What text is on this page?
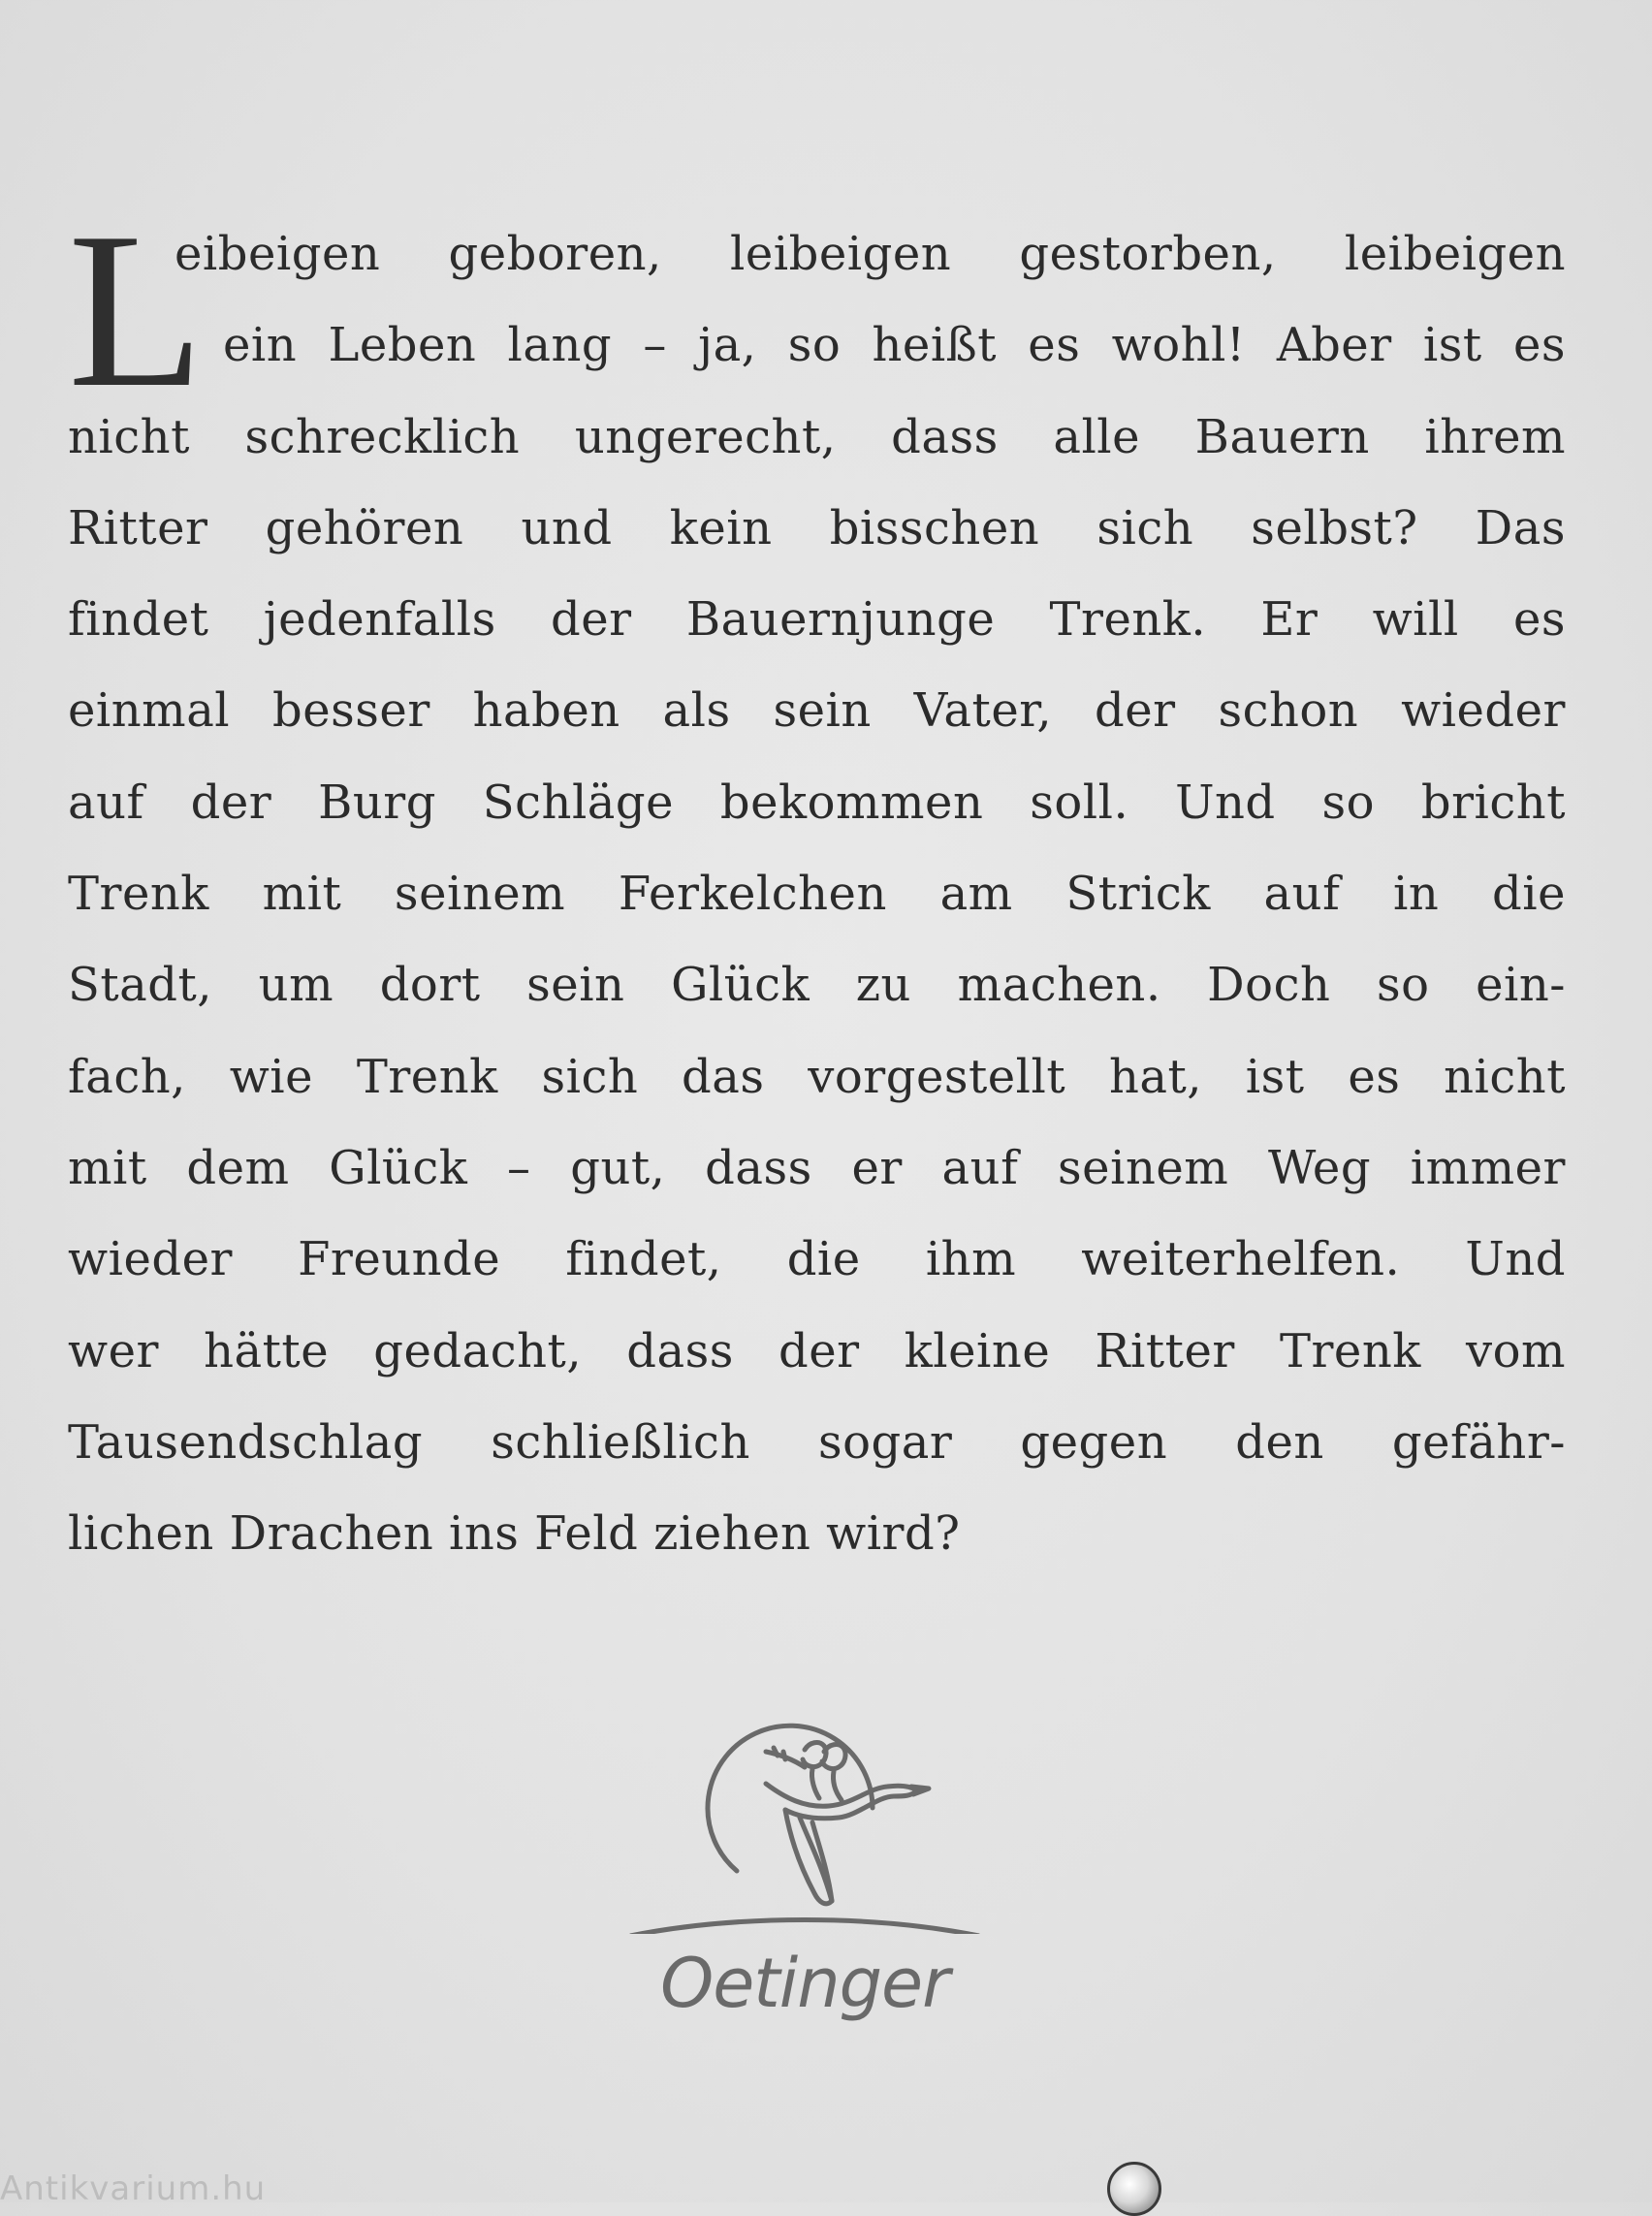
L
eibeigen geboren, leibeigen gestorben, leibeigen
ein Leben lang – ja, so heißt es wohl! Aber ist es
nicht schrecklich ungerecht, dass alle Bauern ihrem
Ritter gehören und kein bisschen sich selbst? Das
findet jedenfalls der Bauernjunge Trenk. Er will es
einmal besser haben als sein Vater, der schon wieder
auf der Burg Schläge bekommen soll. Und so bricht
Trenk mit seinem Ferkelchen am Strick auf in die
Stadt, um dort sein Glück zu machen. Doch so ein-
fach, wie Trenk sich das vorgestellt hat, ist es nicht
mit dem Glück – gut, dass er auf seinem Weg immer
wieder Freunde findet, die ihm weiterhelfen. Und
wer hätte gedacht, dass der kleine Ritter Trenk vom
Tausendschlag schließlich sogar gegen den gefähr-
lichen Drachen ins Feld ziehen wird?
Oetinger
Antikvarium.hu
